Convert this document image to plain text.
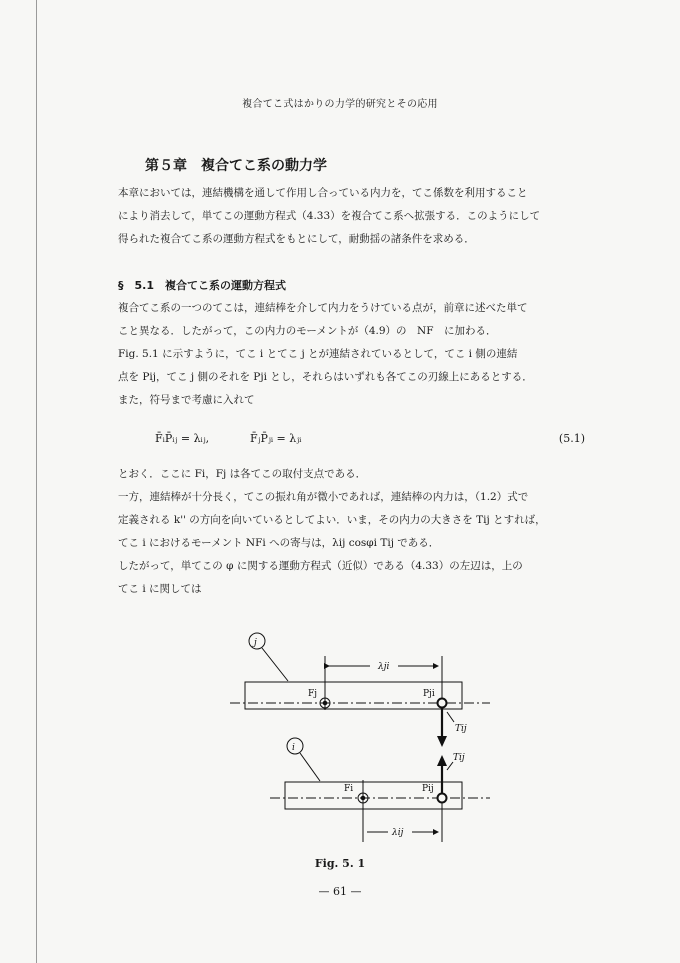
複合てこ式はかりの力学的研究とその応用
第５章　複合てこ系の動力学
本章においては，連結機構を通して作用し合っている内力を，てこ係数を利用すること
により消去して，単てこの運動方程式（4.33）を複合てこ系へ拡張する．このようにして
得られた複合てこ系の運動方程式をもとにして，耐動揺の諸条件を求める．
§　5.1　複合てこ系の運動方程式
複合てこ系の一つのてこは，連結棒を介して内力をうけている点が，前章に述べた単て
こと異なる．したがって，この内力のモーメントが（4.9）の　NF　に加わる．
Fig. 5.1 に示すように，てこ i とてこ j とが連結されているとして，てこ i 側の連結
点を Pij，てこ j 側のそれを Pji とし，それらはいずれも各てこの刃線上にあるとする．
また，符号まで考慮に入れて
F̄ᵢP̄ᵢⱼ = λᵢⱼ,	F̄ⱼP̄ⱼᵢ = λⱼᵢ	(5.1)
とおく．ここに Fi，Fj は各てこの取付支点である．
一方，連結棒が十分長く，てこの振れ角が微小であれば，連結棒の内力は，（1.2）式で
定義される k'' の方向を向いているとしてよい．いま，その内力の大きさを Tij とすれば，
てこ i におけるモーメント NFi への寄与は，λij cosφi Tij である．
したがって，単てこの φ に関する運動方程式（近似）である（4.33）の左辺は，上の
てこ i に関しては
j
i
λji
λij
Fj	Pji
Fi	Pij
Tij
Tij
Fig. 5. 1
— 61 —
